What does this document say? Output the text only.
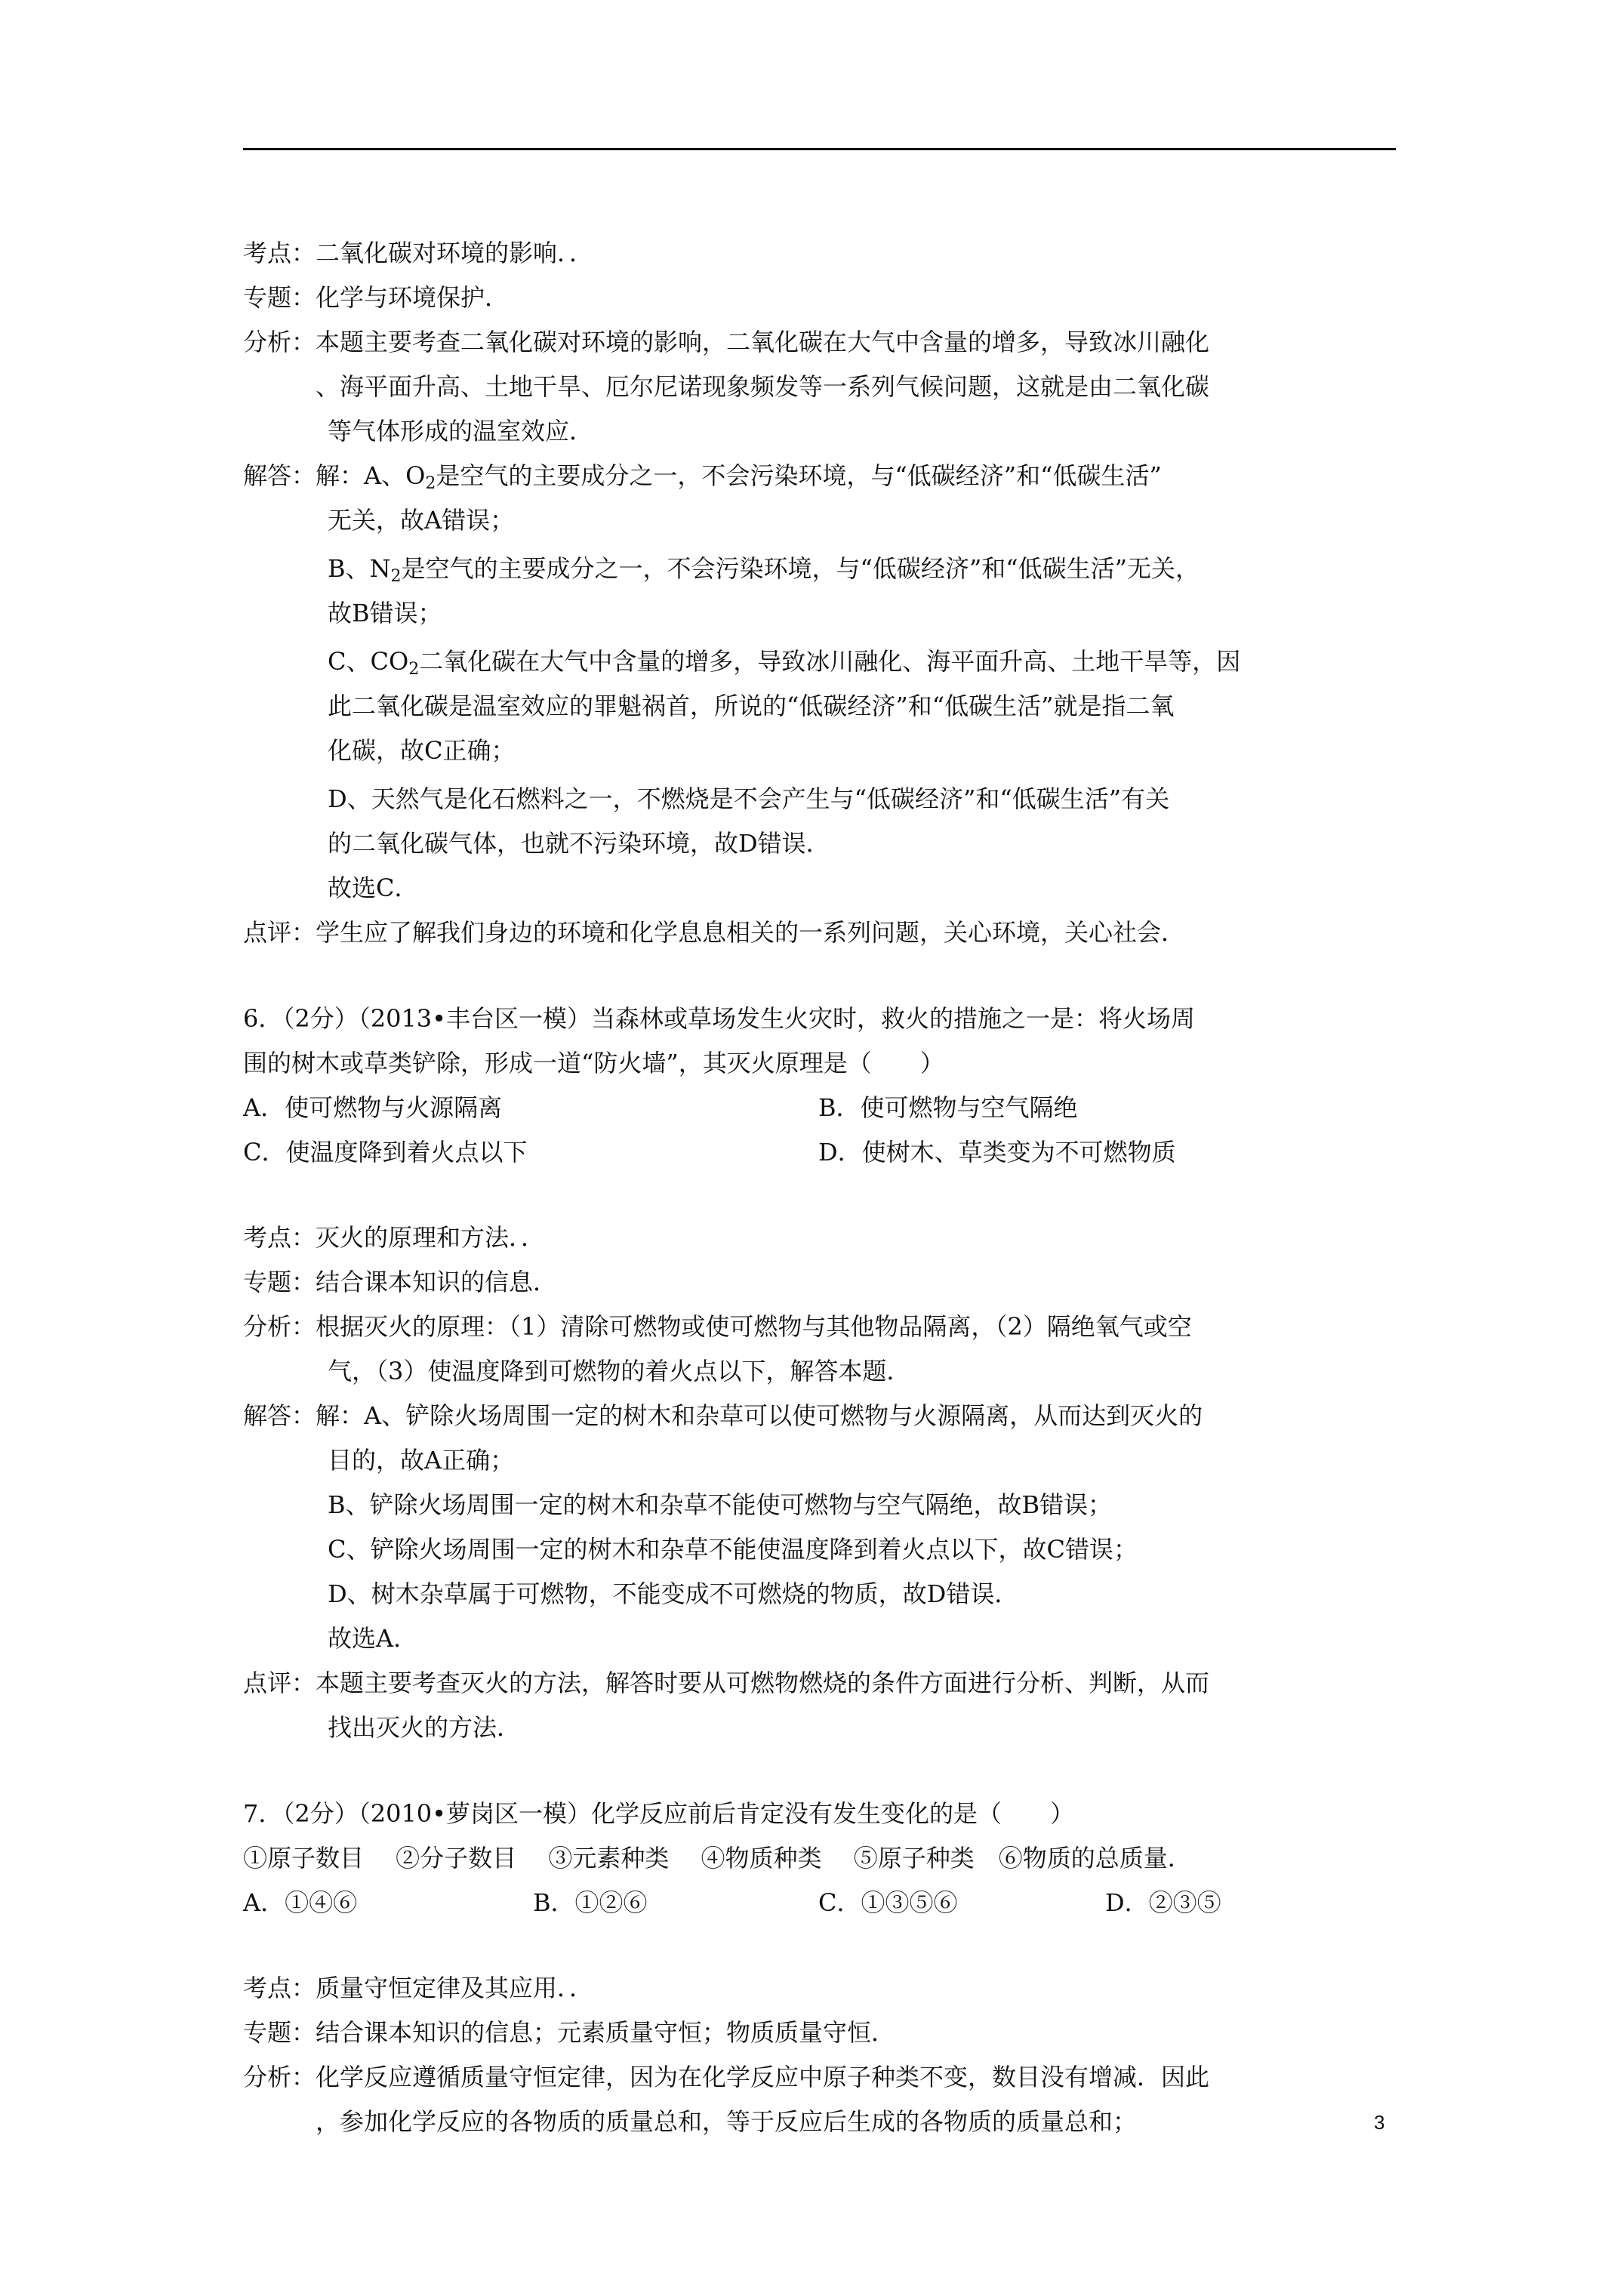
考点：二氧化碳对环境的影响．．
专题：化学与环境保护．
分析：本题主要考查二氧化碳对环境的影响，二氧化碳在大气中含量的增多，导致冰川融化
、海平面升高、土地干旱、厄尔尼诺现象频发等一系列气候问题，这就是由二氧化碳
等气体形成的温室效应．
解答：解：A、$O_2$是空气的主要成分之一，不会污染环境，与“低碳经济”和“低碳生活”
无关，故A错误；
B、$N_2$是空气的主要成分之一，不会污染环境，与“低碳经济”和“低碳生活”无关，
故B错误；
C、$CO_2$二氧化碳在大气中含量的增多，导致冰川融化、海平面升高、土地干旱等，因
此二氧化碳是温室效应的罪魁祸首，所说的“低碳经济”和“低碳生活”就是指二氧
化碳，故C正确；
D、天然气是化石燃料之一，不燃烧是不会产生与“低碳经济”和“低碳生活”有关
的二氧化碳气体，也就不污染环境，故D错误．
故选C．
点评：学生应了解我们身边的环境和化学息息相关的一系列问题，关心环境，关心社会．
6．（2分）（2013•丰台区一模）当森林或草场发生火灾时，救火的措施之一是：将火场周
围的树木或草类铲除，形成一道“防火墙”，其灭火原理是（　　）
A．使可燃物与火源隔离	B．使可燃物与空气隔绝
C．使温度降到着火点以下	D．使树木、草类变为不可燃物质
考点：灭火的原理和方法．．
专题：结合课本知识的信息．
分析：根据灭火的原理：（1）清除可燃物或使可燃物与其他物品隔离，（2）隔绝氧气或空
气，（3）使温度降到可燃物的着火点以下，解答本题．
解答：解：A、铲除火场周围一定的树木和杂草可以使可燃物与火源隔离，从而达到灭火的
目的，故A正确；
B、铲除火场周围一定的树木和杂草不能使可燃物与空气隔绝，故B错误；
C、铲除火场周围一定的树木和杂草不能使温度降到着火点以下，故C错误；
D、树木杂草属于可燃物，不能变成不可燃烧的物质，故D错误．
故选A．
点评：本题主要考查灭火的方法，解答时要从可燃物燃烧的条件方面进行分析、判断，从而
找出灭火的方法．
7．（2分）（2010•萝岗区一模）化学反应前后肯定没有发生变化的是（　　）
①原子数目　 ②分子数目　 ③元素种类　 ④物质种类　 ⑤原子种类　⑥物质的总质量．
A．①④⑥	B．①②⑥	C．①③⑤⑥	D．②③⑤
考点：质量守恒定律及其应用．．
专题：结合课本知识的信息；元素质量守恒；物质质量守恒．
分析：化学反应遵循质量守恒定律，因为在化学反应中原子种类不变，数目没有增减．因此
，参加化学反应的各物质的质量总和，等于反应后生成的各物质的质量总和；	3
